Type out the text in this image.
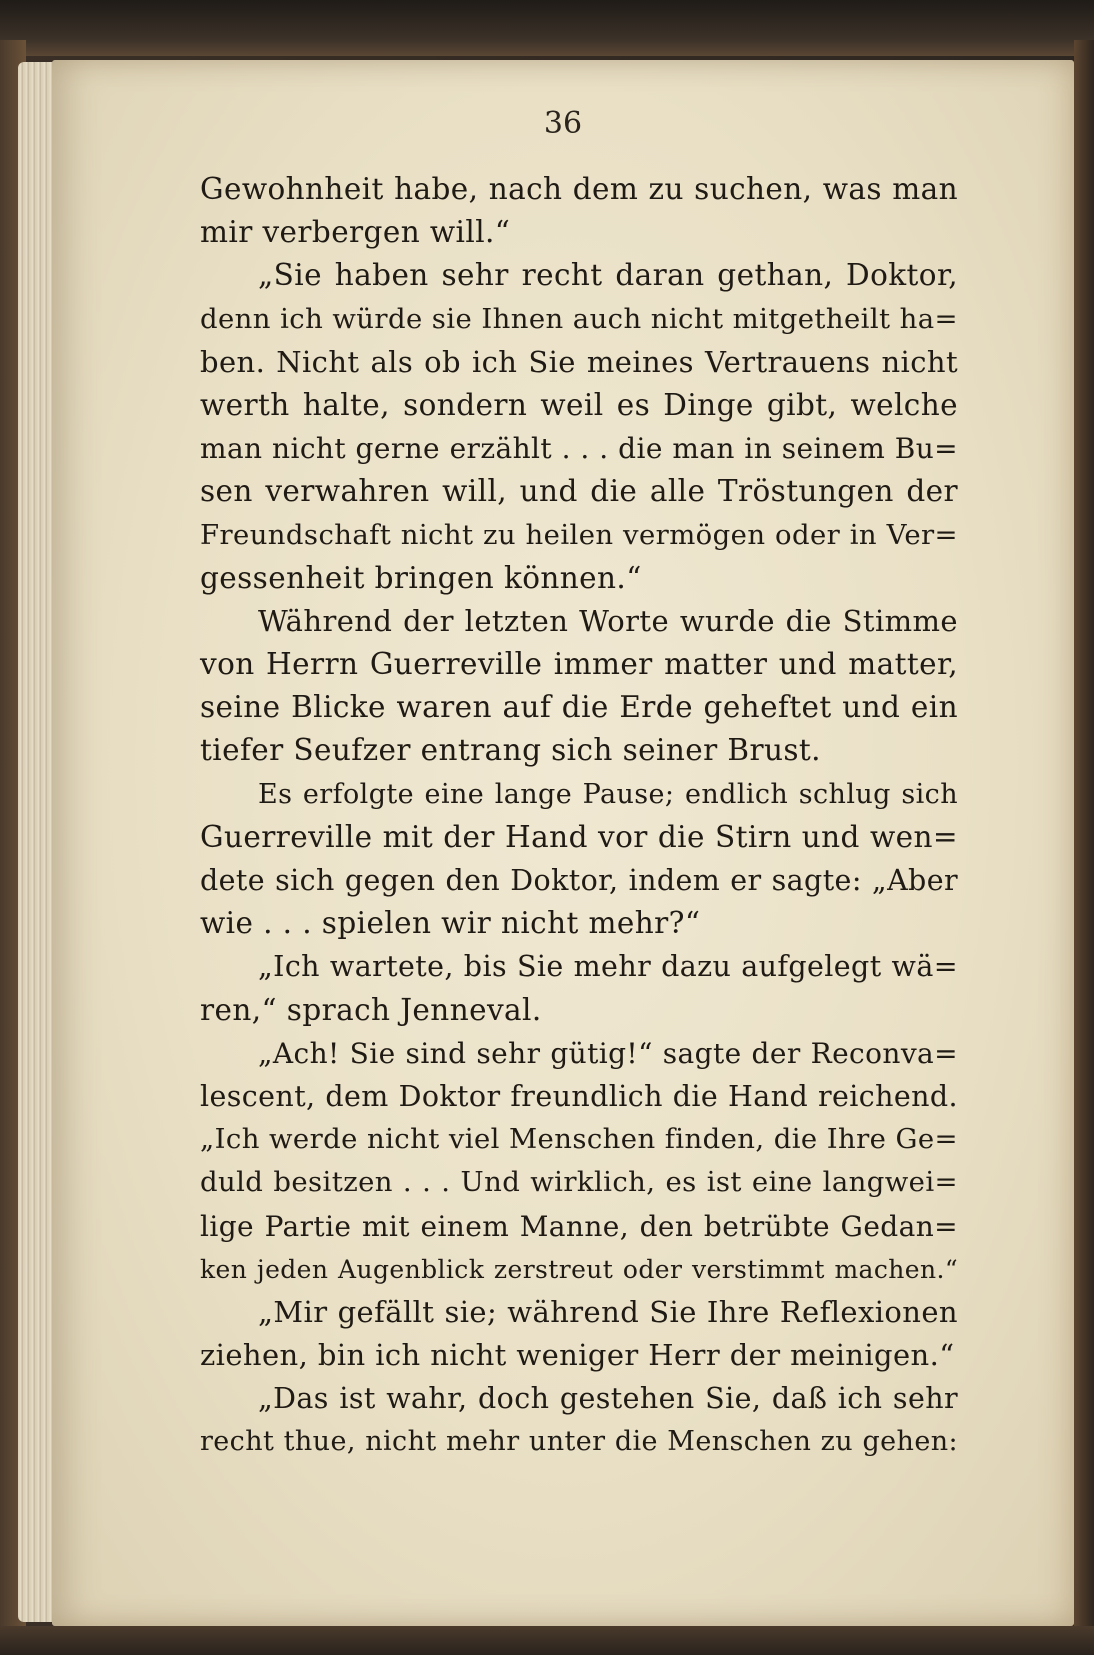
36
Gewohnheit habe, nach dem zu suchen, was man
mir verbergen will.“
„Sie haben sehr recht daran gethan, Doktor,
denn ich würde sie Ihnen auch nicht mitgetheilt ha=
ben. Nicht als ob ich Sie meines Vertrauens nicht
werth halte, sondern weil es Dinge gibt, welche
man nicht gerne erzählt . . . die man in seinem Bu=
sen verwahren will, und die alle Tröstungen der
Freundschaft nicht zu heilen vermögen oder in Ver=
gessenheit bringen können.“
Während der letzten Worte wurde die Stimme
von Herrn Guerreville immer matter und matter,
seine Blicke waren auf die Erde geheftet und ein
tiefer Seufzer entrang sich seiner Brust.
Es erfolgte eine lange Pause; endlich schlug sich
Guerreville mit der Hand vor die Stirn und wen=
dete sich gegen den Doktor, indem er sagte: „Aber
wie . . . spielen wir nicht mehr?“
„Ich wartete, bis Sie mehr dazu aufgelegt wä=
ren,“ sprach Jenneval.
„Ach! Sie sind sehr gütig!“ sagte der Reconva=
lescent, dem Doktor freundlich die Hand reichend.
„Ich werde nicht viel Menschen finden, die Ihre Ge=
duld besitzen . . . Und wirklich, es ist eine langwei=
lige Partie mit einem Manne, den betrübte Gedan=
ken jeden Augenblick zerstreut oder verstimmt machen.“
„Mir gefällt sie; während Sie Ihre Reflexionen
ziehen, bin ich nicht weniger Herr der meinigen.“
„Das ist wahr, doch gestehen Sie, daß ich sehr
recht thue, nicht mehr unter die Menschen zu gehen:
